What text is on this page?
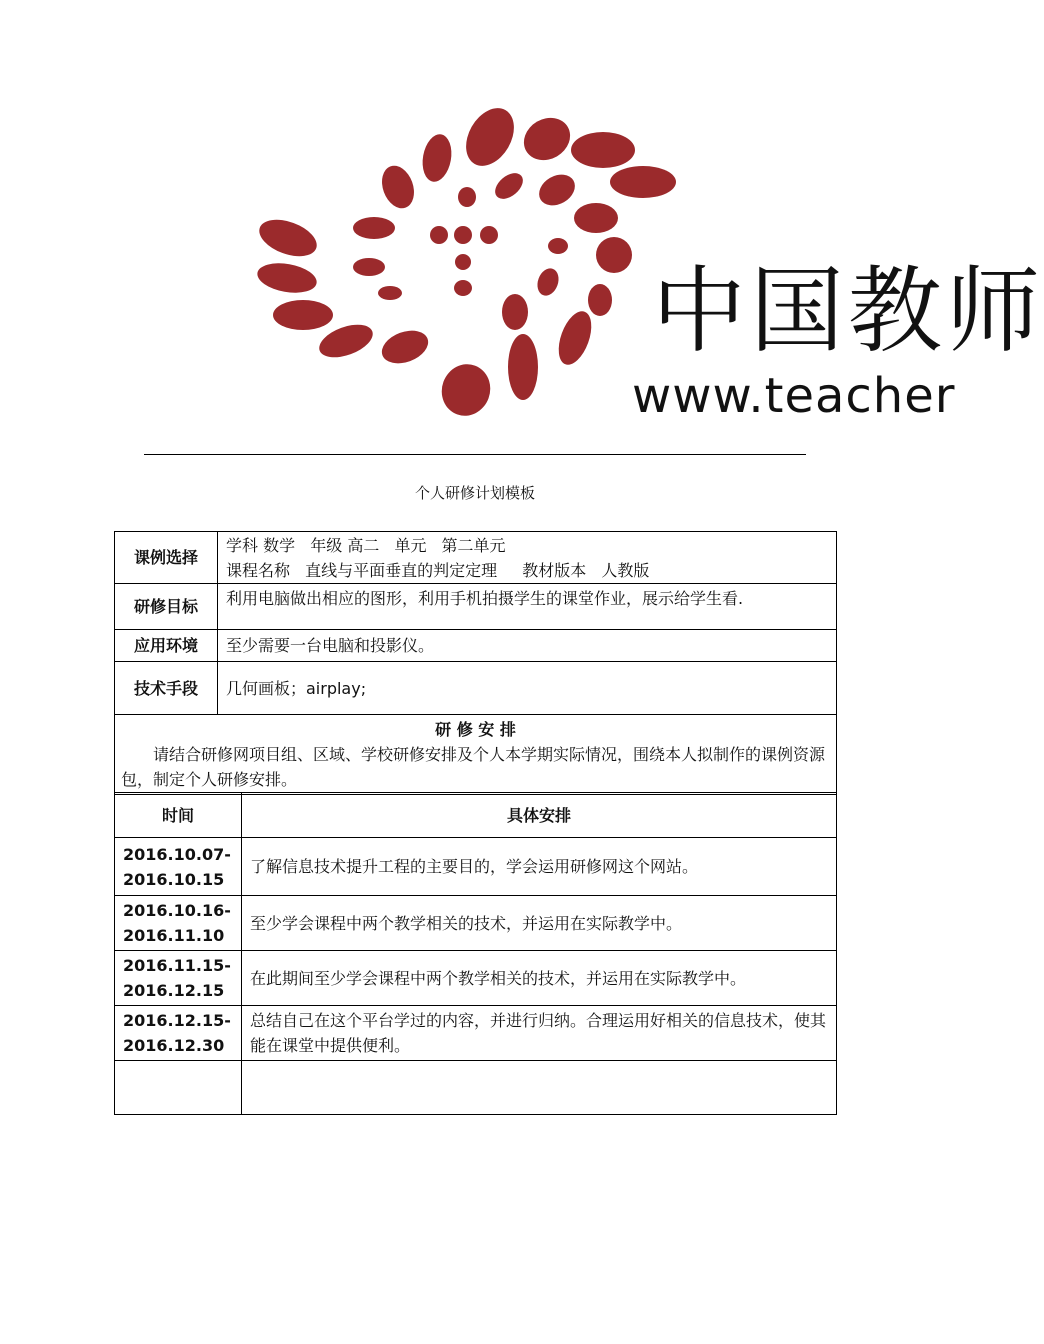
中国教师
www.teacher
个人研修计划模板
课例选择	学科 数学 年级 高二 单元 第二单元
课程名称 直线与平面垂直的判定定理 教材版本 人教版

研修目标	利用电脑做出相应的图形，利用手机拍摄学生的课堂作业，展示给学生看.
应用环境	至少需要一台电脑和投影仪。
技术手段	几何画板；airplay;

研 修 安 排
请结合研修网项目组、区域、学校研修安排及个人本学期实际情况，围绕本人拟制作的课例资源包，制定个人研修安排。	
时间	具体安排

2016.10.07-
2016.10.15	了解信息技术提升工程的主要目的，学会运用研修网这个网站。

2016.10.16-
2016.11.10	至少学会课程中两个教学相关的技术，并运用在实际教学中。

2016.11.15-
2016.12.15	在此期间至少学会课程中两个教学相关的技术，并运用在实际教学中。

2016.12.15-
2016.12.30	总结自己在这个平台学过的内容，并进行归纳。合理运用好相关的信息技术，使其能在课堂中提供便利。
